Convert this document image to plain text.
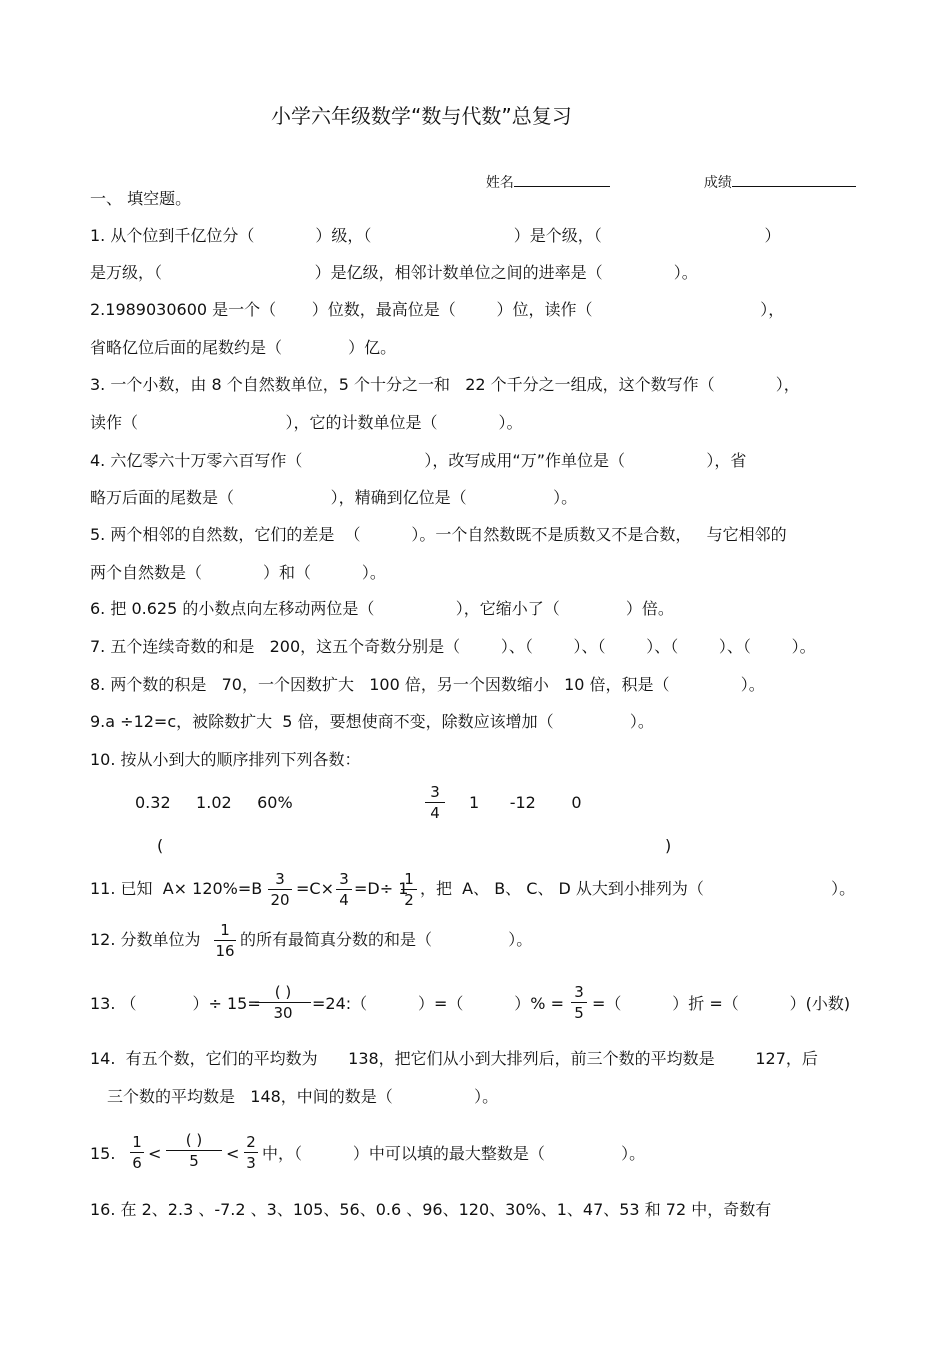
小学六年级数学“数与代数”总复习

姓名	成绩

一、 填空题。
1. 从个位到千亿位分（            ）级，（                            ）是个级，（                                ）
是万级，（                              ）是亿级，相邻计数单位之间的进率是（              ）。
2.1989030600 是一个（       ）位数，最高位是（        ）位，读作（                                 ），
省略亿位后面的尾数约是（             ）亿。
3. 一个小数，由 8 个自然数单位，5 个十分之一和   22 个千分之一组成，这个数写作（            ），
读作（                             ），它的计数单位是（            ）。
4. 六亿零六十万零六百写作（                        ），改写成用“万”作单位是（                ），省
略万后面的尾数是（                   ），精确到亿位是（                 ）。
5. 两个相邻的自然数，它们的差是  （          ）。一个自然数既不是质数又不是合数，   与它相邻的
两个自然数是（            ）和（          ）。
6. 把 0.625 的小数点向左移动两位是（                ），它缩小了（             ）倍。
7. 五个连续奇数的和是   200，这五个奇数分别是（        ）、（        ）、（        ）、（        ）、（        ）。
8. 两个数的积是   70，一个因数扩大   100 倍，另一个因数缩小   10 倍，积是（              ）。
9.a ÷12=c，被除数扩大  5 倍，要想使商不变，除数应该增加（               ）。
10. 按从小到大的顺序排列下列各数：
0.32     1.02     60%
3
4
1      -12       0
(	)
11. 已知  A× 120%=B 3
20
=C× 3
4
=D÷ 1
1
2
，把  A、 B、 C、 D 从大到小排列为（                         ）。
12. 分数单位为	1
16
的所有最简真分数的和是（               ）。
13. （           ）÷ 15=
( )
30	=24:（          ）=（          ）% =
3
5 =（          ）折 =（          ）(小数)
14.  有五个数，它们的平均数为      138，把它们从小到大排列后，前三个数的平均数是        127，后
三个数的平均数是   148，中间的数是（                ）。
15.
1
6 <
( )
5	<
2
3 中，（          ）中可以填的最大整数是（               ）。
16. 在 2、2.3 、-7.2 、3、105、56、0.6 、96、120、30%、1、47、53 和 72 中，奇数有
